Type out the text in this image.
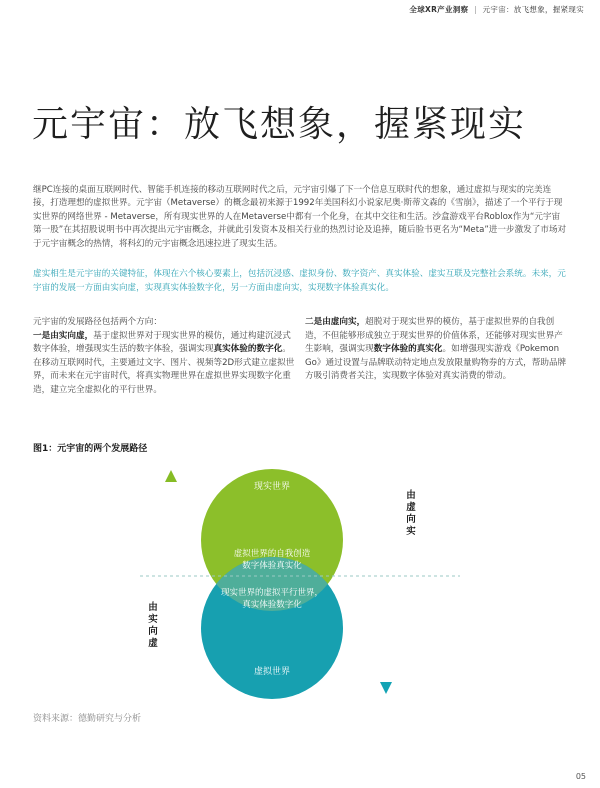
全球XR产业洞察 | 元宇宙：放飞想象，握紧现实
元宇宙：放飞想象，握紧现实
继PC连接的桌面互联网时代、智能手机连接的移动互联网时代之后，元宇宙引爆了下一个信息互联时代的想象，通过虚拟与现实的完美连接，打造理想的虚拟世界。元宇宙（Metaverse）的概念最初来源于1992年美国科幻小说家尼奥·斯蒂文森的《雪崩》，描述了一个平行于现实世界的网络世界 - Metaverse，所有现实世界的人在Metaverse中都有一个化身，在其中交往和生活。沙盒游戏平台Roblox作为“元宇宙第一股”在其招股说明书中再次提出元宇宙概念，并就此引发资本及相关行业的热烈讨论及追捧，随后脸书更名为“Meta”进一步激发了市场对于元宇宙概念的热情，将科幻的元宇宙概念迅速拉进了现实生活。
虚实相生是元宇宙的关键特征，体现在六个核心要素上，包括沉浸感、虚拟身份、数字资产、真实体验、虚实互联及完整社会系统。未来，元宇宙的发展一方面由实向虚，实现真实体验数字化，另一方面由虚向实，实现数字体验真实化。
元宇宙的发展路径包括两个方向：
一是由实向虚，基于虚拟世界对于现实世界的模仿，通过构建沉浸式数字体验，增强现实生活的数字体验，强调实现真实体验的数字化。在移动互联网时代，主要通过文字、图片、视频等2D形式建立虚拟世界，而未来在元宇宙时代，将真实物理世界在虚拟世界实现数字化重造，建立完全虚拟化的平行世界。
二是由虚向实，超脱对于现实世界的模仿，基于虚拟世界的自我创造，不但能够形成独立于现实世界的价值体系，还能够对现实世界产生影响，强调实现数字体验的真实化。如增强现实游戏《Pokemon Go》通过设置与品牌联动特定地点发放限量购物券的方式，帮助品牌方吸引消费者关注，实现数字体验对真实消费的带动。
图1：元宇宙的两个发展路径
现实世界
虚拟世界
虚拟世界的自我创造
数字体验真实化
现实世界的虚拟平行世界，
真实体验数字化
由
虚
向
实
由
实
向
虚
资料来源：德勤研究与分析
05
